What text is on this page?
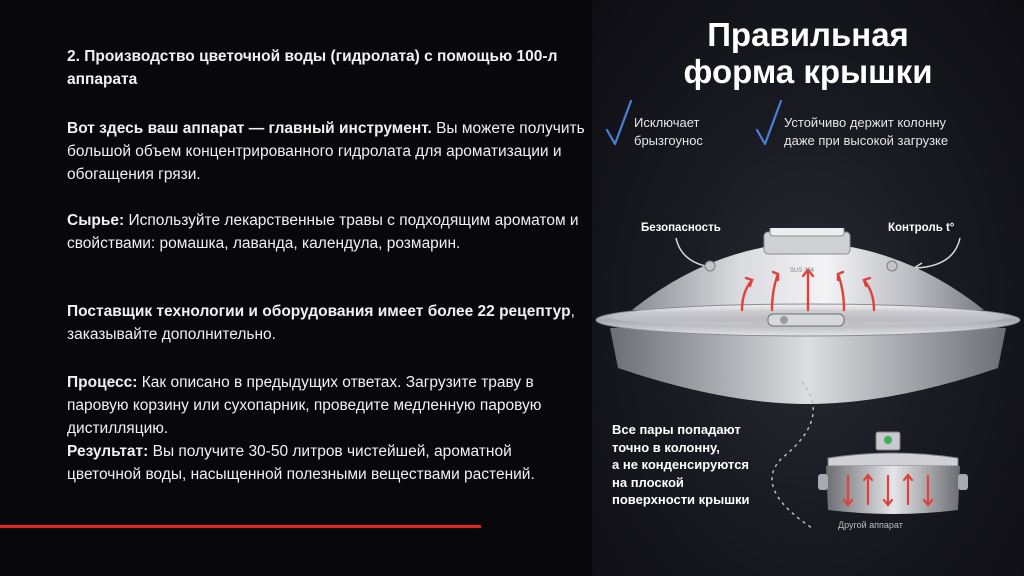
2. Производство цветочной воды (гидролата) с помощью 100-л аппарата

Вот здесь ваш аппарат — главный инструмент. Вы можете получить большой объем концентрированного гидролата для ароматизации и обогащения грязи.

Сырье: Используйте лекарственные травы с подходящим ароматом и свойствами: ромашка, лаванда, календула, розмарин.

Поставщик технологии и оборудования имеет более 22 рецептур, заказывайте дополнительно.

Процесс: Как описано в предыдущих ответах. Загрузите траву в паровую корзину или сухопарник, проведите медленную паровую дистилляцию.

Результат: Вы получите 30-50 литров чистейшей, ароматной цветочной воды, насыщенной полезными веществами растений.

Правильная
форма крышки
Исключает
брызгоунос
Устойчиво держит колонну
даже при высокой загрузке
Безопасность	Контроль t°
SUS 304
Все пары попадают
точно в колонну,
а не конденсируются
на плоской
поверхности крышки
Другой аппарат
